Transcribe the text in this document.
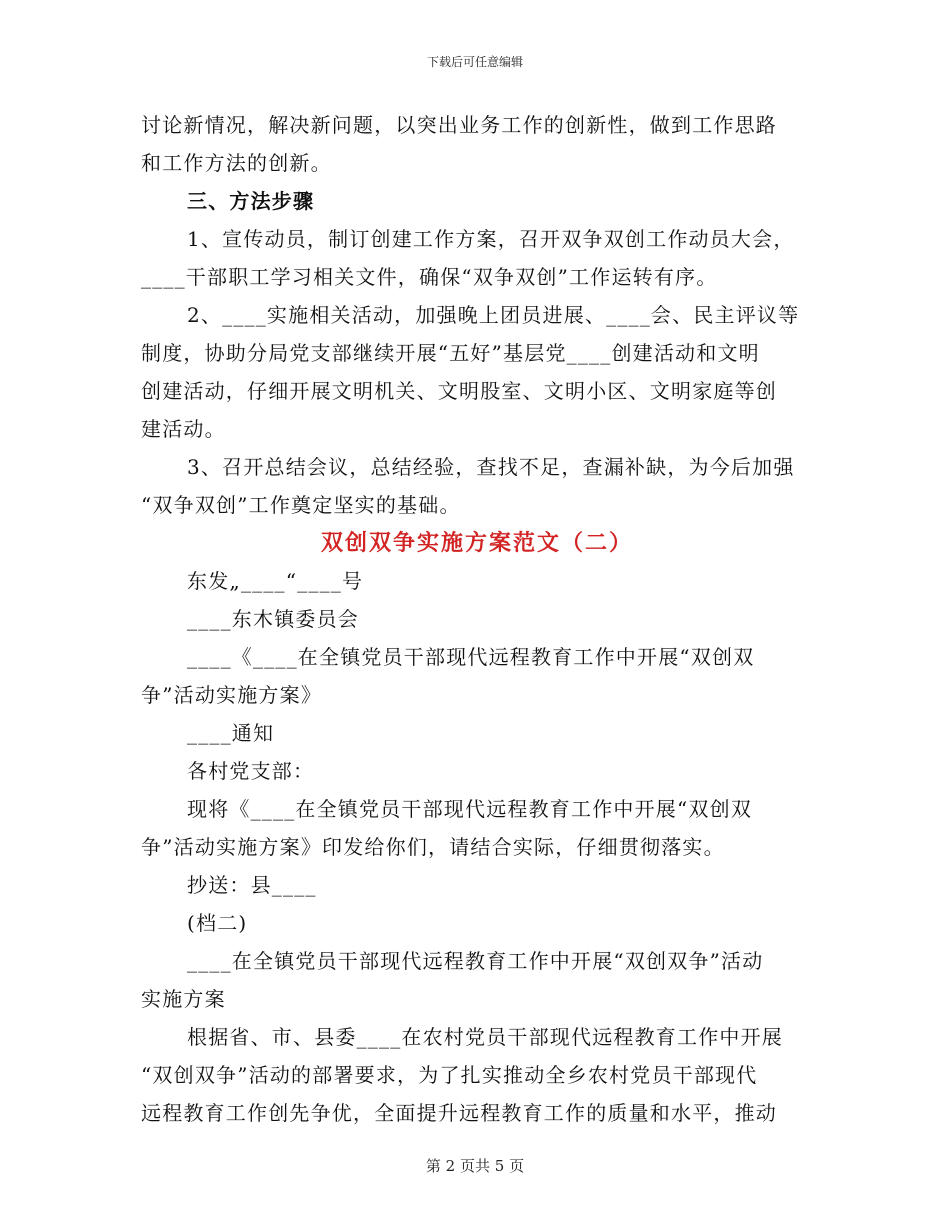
下载后可任意编辑

讨论新情况，解决新问题，以突出业务工作的创新性，做到工作思路

和工作方法的创新。

三、方法步骤

1、宣传动员，制订创建工作方案，召开双争双创工作动员大会，

____干部职工学习相关文件，确保“双争双创”工作运转有序。

2、____实施相关活动，加强晚上团员进展、____会、民主评议等

制度，协助分局党支部继续开展“五好”基层党____创建活动和文明

创建活动，仔细开展文明机关、文明股室、文明小区、文明家庭等创

建活动。

3、召开总结会议，总结经验，查找不足，查漏补缺，为今后加强

“双争双创”工作奠定坚实的基础。

双创双争实施方案范文（二）

东发„____“____号

____东木镇委员会

____《____在全镇党员干部现代远程教育工作中开展“双创双

争”活动实施方案》

____通知

各村党支部：

现将《____在全镇党员干部现代远程教育工作中开展“双创双

争”活动实施方案》印发给你们，请结合实际，仔细贯彻落实。

抄送：县____

(档二)

____在全镇党员干部现代远程教育工作中开展“双创双争”活动

实施方案

根据省、市、县委____在农村党员干部现代远程教育工作中开展

“双创双争”活动的部署要求，为了扎实推动全乡农村党员干部现代

远程教育工作创先争优，全面提升远程教育工作的质量和水平，推动

第 2 页共 5 页
